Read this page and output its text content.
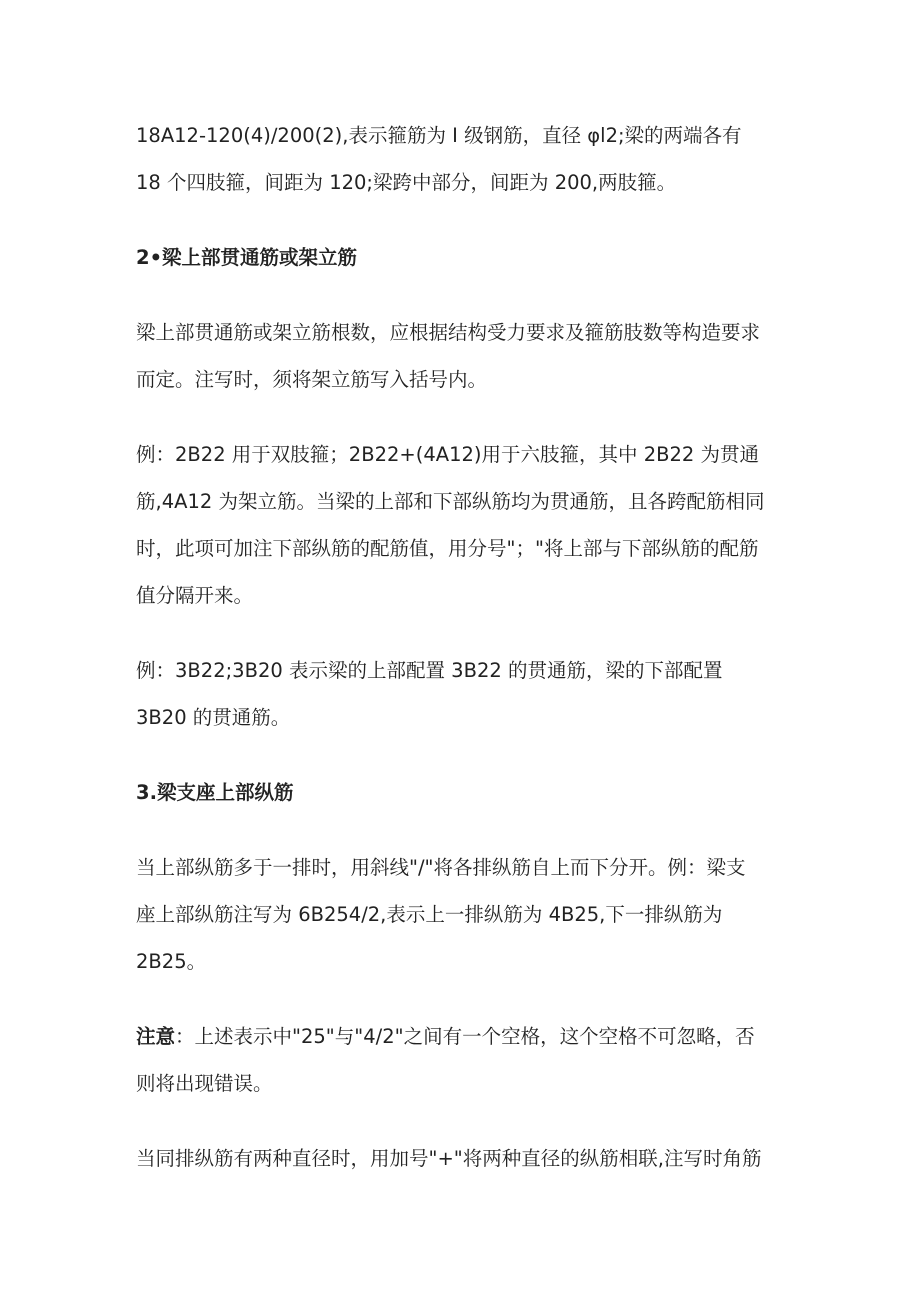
18A12-120(4)∕200(2),表示箍筋为 Ⅰ 级钢筋，直径 φl2;梁的两端各有
18 个四肢箍，间距为 120;梁跨中部分，间距为 200,两肢箍。

2•梁上部贯通筋或架立筋

梁上部贯通筋或架立筋根数，应根据结构受力要求及箍筋肢数等构造要求
而定。注写时，须将架立筋写入括号内。

例：2B22 用于双肢箍；2B22+(4A12)用于六肢箍，其中 2B22 为贯通
筋,4A12 为架立筋。当梁的上部和下部纵筋均为贯通筋，且各跨配筋相同
时，此项可加注下部纵筋的配筋值，用分号"；"将上部与下部纵筋的配筋
值分隔开来。

例：3B22;3B20 表示梁的上部配置 3B22 的贯通筋，梁的下部配置
3B20 的贯通筋。

3.梁支座上部纵筋

当上部纵筋多于一排时，用斜线"/"将各排纵筋自上而下分开。例：梁支
座上部纵筋注写为 6B254/2,表示上一排纵筋为 4B25,下一排纵筋为
2B25。

注意：上述表示中"25"与"4/2"之间有一个空格，这个空格不可忽略，否
则将出现错误。

当同排纵筋有两种直径时，用加号"+"将两种直径的纵筋相联,注写时角筋
